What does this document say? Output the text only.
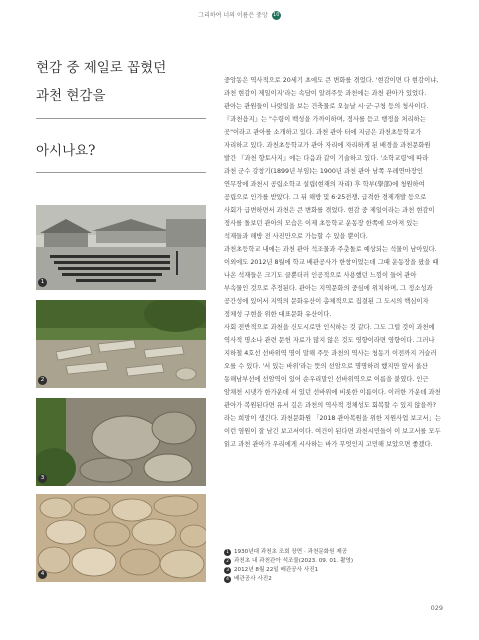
그리하여 너의 이름은 중앙 10
현감 중 제일로 꼽혔던
과천 현감을
아시나요?
1
2
3
4

중앙동은 역사적으로 20세기 초에도 큰 변화를 겪었다. '현감이면 다 현감이냐, 과천 현감이 제일이지'라는 속담이 알려주듯 과천에는 과천 관아가 있었다. 관아는 관원들이 나랏일을 보는 건축물로 오늘날 시·군·구청 등의 청사이다. 『과천읍지』는 "수령이 백성을 가까이하며, 정사를 듣고 행정을 처리하는 곳"이라고 관아를 소개하고 있다. 과천 관아 터에 지금은 과천초등학교가 자리하고 있다. 과천초등학교가 관아 자리에 자리하게 된 배경을 과천문화원 발간 『과천 향토사지』에는 다음과 같이 기술하고 있다. '소학교령'에 따라 과천 군수 강창기(1899년 부임)는 1900년 과천 관아 남쪽 우레연마장인 연무장에 과천시 공립소학교 설립(현재의 자리) 후 학부(學部)에 청원하여 공립으로 인가를 받았다. 그 뒤 해방 및 6·25전쟁, 급격한 경제개발 등으로 사회가 급변하면서 과천은 큰 변화를 겪었다. 현감 중 제일이라는 과천 현감이 정사를 돌보던 관아의 모습은 이제 초등학교 운동장 한쪽에 모아져 있는 석재들과 해방 전 사진만으로 가늠할 수 있을 뿐이다.

과천초등학교 내에는 과천 관아 석조물과 주춧돌로 예상되는 석물이 남아있다. 이외에도 2012년 8월에 학교 배관공사가 한창이었는데 그때 운동장을 팠을 때 나온 석재들은 크기도 클뿐더러 인공적으로 사용했던 느낌이 들어 관아 부속물인 것으로 추정된다. 관아는 지역문화의 중심에 위치하며, 그 정소성과 공간성에 있어서 지역의 문화유산이 총체적으로 집결된 그 도시의 핵심이자 정체성 구현을 위한 대표문화 유산이다.

사회 전반적으로 과천을 신도시로만 인식하는 것 같다. 그도 그럴 것이 과천에 역사적 명소나 관련 문헌 자료가 많지 않은 것도 영향이라면 영향이다. 그러나 지하철 4호선 선바위역 명이 말해 주듯 과천의 역사는 청동기 이전까지 거슬러 오를 수 있다. '서 있는 바위'라는 뜻의 선암으로 명명하려 했지만 앞서 울산 동해남부선에 선암역이 있어 순우리말인 선바위역으로 이름을 붙였다. 인근 암채천 시냇가 한가운데 서 있던 선바위에 비롯한 이름이다. 이러한 가운데 과천 관아가 복원된다면 유서 깊은 과천의 역사적 정체성도 회복할 수 있지 않을까? 라는 희망이 생긴다. 과천문화원 「2018 관아복원을 위한 지원사업 보고서」는 이런 염원이 잘 남긴 보고서이다. 여건이 된다면 과천시민들이 이 보고서를 모두 읽고 과천 관아가 우리에게 시사하는 바가 무엇인지 고민해 보았으면 좋겠다.

1 1930년대 과천초 조회 장면 · 과천문화원 제공
2 과천초 내 과천관아 석조물(2023. 09. 01. 촬영)
3 2012년 8월 22일 배관공사 사진1
4 배관공사 사진2
029
